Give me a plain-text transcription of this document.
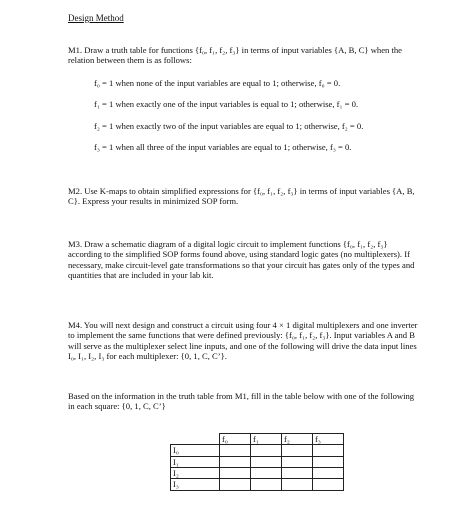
Design Method
M1. Draw a truth table for functions {f₀, f₁, f₂, f₃} in terms of input variables {A, B, C} when the relation between them is as follows:
f₀ = 1 when none of the input variables are equal to 1; otherwise, f₀ = 0.
f₁ = 1 when exactly one of the input variables is equal to 1; otherwise, f₁ = 0.
f₂ = 1 when exactly two of the input variables are equal to 1; otherwise, f₂ = 0.
f₃ = 1 when all three of the input variables are equal to 1; otherwise, f₃ = 0.
M2. Use K-maps to obtain simplified expressions for {f₀, f₁, f₂, f₃} in terms of input variables {A, B, C}. Express your results in minimized SOP form.
M3. Draw a schematic diagram of a digital logic circuit to implement functions {f₀, f₁, f₂, f₃} according to the simplified SOP forms found above, using standard logic gates (no multiplexers). If necessary, make circuit-level gate transformations so that your circuit has gates only of the types and quantities that are included in your lab kit.
M4. You will next design and construct a circuit using four 4 × 1 digital multiplexers and one inverter to implement the same functions that were defined previously: {f₀, f₁, f₂, f₃}. Input variables A and B will serve as the multiplexer select line inputs, and one of the following will drive the data input lines I₀, I₁, I₂, I₃ for each multiplexer: {0, 1, C, C’}.
Based on the information in the truth table from M1, fill in the table below with one of the following in each square: {0, 1, C, C’}
	f₀	f₁	f₂	f₃
I₀				
I₁				
I₂				
I₃				
